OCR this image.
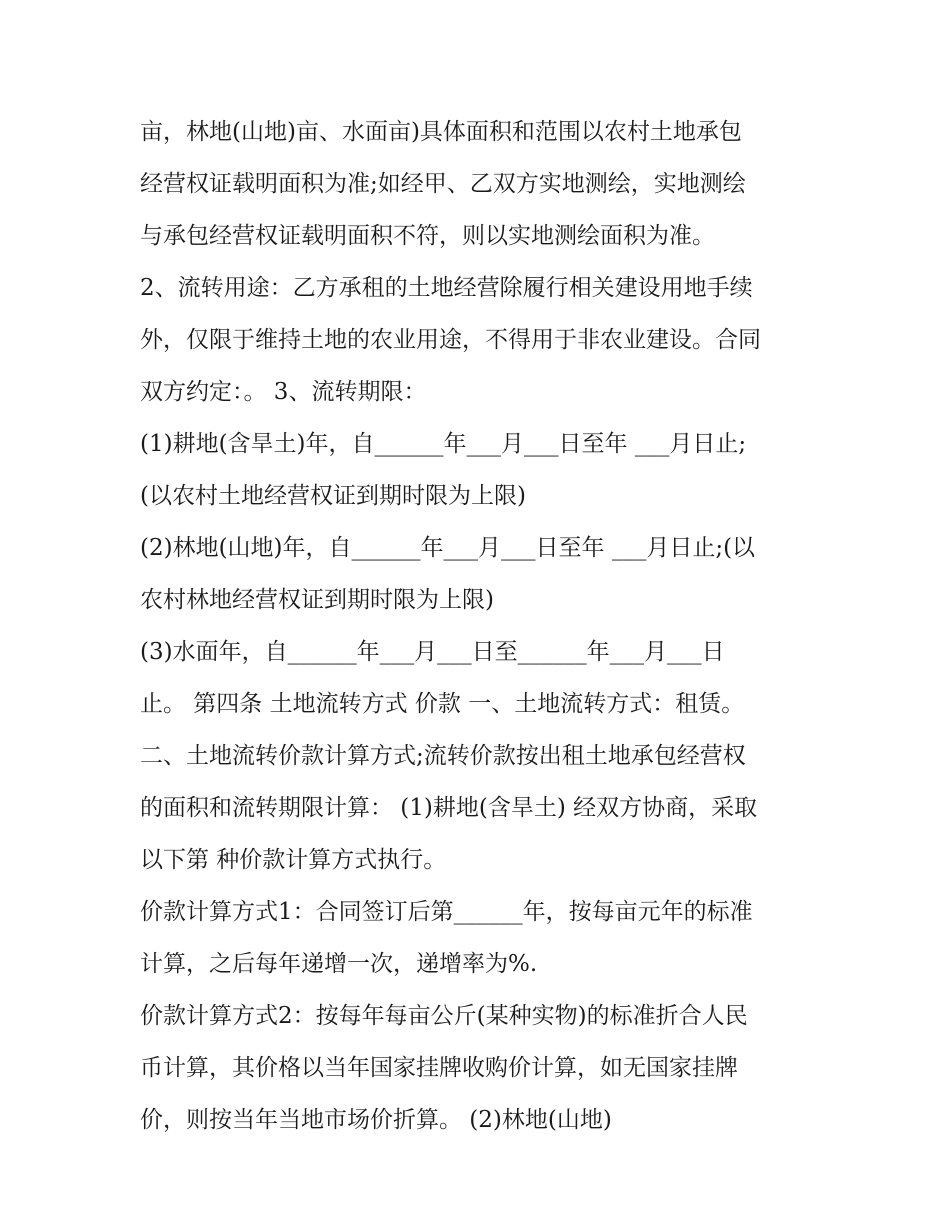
亩，林地(山地)亩、水面亩)具体面积和范围以农村土地承包
经营权证载明面积为准;如经甲、乙双方实地测绘，实地测绘
与承包经营权证载明面积不符，则以实地测绘面积为准。
2、流转用途：乙方承租的土地经营除履行相关建设用地手续
外，仅限于维持土地的农业用途，不得用于非农业建设。合同
双方约定：。 3、流转期限：
(1)耕地(含旱土)年，自______年___月___日至年 ___月日止;
(以农村土地经营权证到期时限为上限)
(2)林地(山地)年，自______年___月___日至年 ___月日止;(以
农村林地经营权证到期时限为上限)
(3)水面年，自______年___月___日至______年___月___日
止。 第四条 土地流转方式 价款 一、土地流转方式：租赁。
二、土地流转价款计算方式;流转价款按出租土地承包经营权
的面积和流转期限计算： (1)耕地(含旱土) 经双方协商，采取
以下第 种价款计算方式执行。
价款计算方式1：合同签订后第______年，按每亩元年的标准
计算，之后每年递增一次，递增率为%.
价款计算方式2：按每年每亩公斤(某种实物)的标准折合人民
币计算，其价格以当年国家挂牌收购价计算，如无国家挂牌
价，则按当年当地市场价折算。 (2)林地(山地)
